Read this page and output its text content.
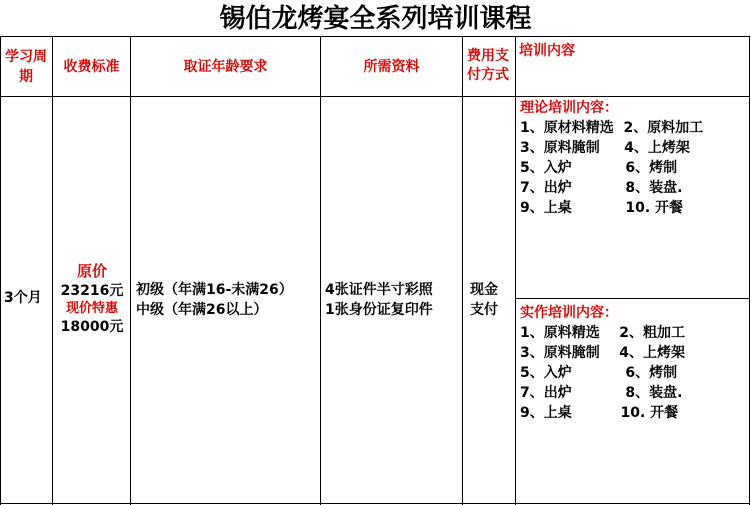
锡伯龙烤宴全系列培训课程
学习周期
收费标准	取证年龄要求	所需资料
费用支付方式
培训内容
3个月
原价
23216元
现价特惠
18000元
初级（年满16-未满26）
中级（年满26以上）
4张证件半寸彩照
1张身份证复印件
现金
支付
理论培训内容：
1、原材料精选  2、原料加工
3、原料腌制     4、上烤架
5、入炉           6、烤制
7、出炉           8、装盘.
9、上桌           10. 开餐
实作培训内容：
1、原料精选    2、粗加工
3、原料腌制    4、上烤架
5、入炉           6、烤制
7、出炉           8、装盘.
9、上桌          10. 开餐
